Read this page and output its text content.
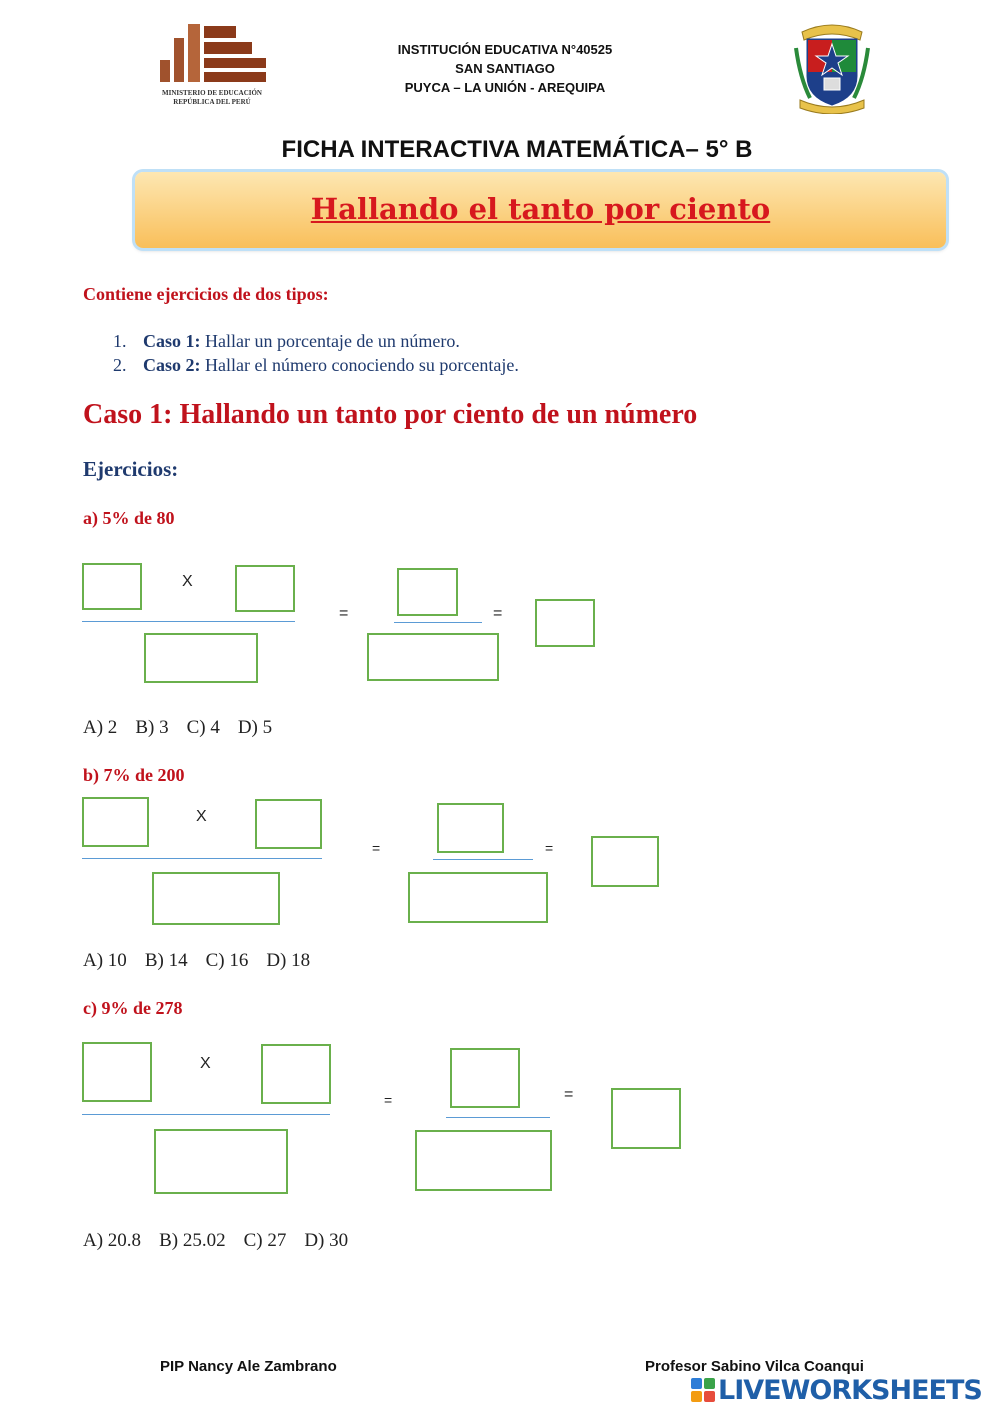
MINISTERIO DE EDUCACIÓN
REPÚBLICA DEL PERÚ
INSTITUCIÓN EDUCATIVA N°40525
SAN SANTIAGO
PUYCA – LA UNIÓN - AREQUIPA
FICHA INTERACTIVA MATEMÁTICA– 5° B
Hallando el tanto por ciento
Contiene ejercicios de dos tipos:
1. Caso 1: Hallar un porcentaje de un número.
2. Caso 2: Hallar el número conociendo su porcentaje.
Caso 1: Hallando un tanto por ciento de un número
Ejercicios:
a) 5% de 80
X
=	=
A) 2 B) 3 C) 4 D) 5
b) 7% de 200
X
=	=
A) 10 B) 14 C) 16 D) 18
c) 9% de 278
X
=	=
A) 20.8 B) 25.02 C) 27 D) 30
PIP Nancy Ale Zambrano	Profesor Sabino Vilca Coanqui
LIVEWORKSHEETS
